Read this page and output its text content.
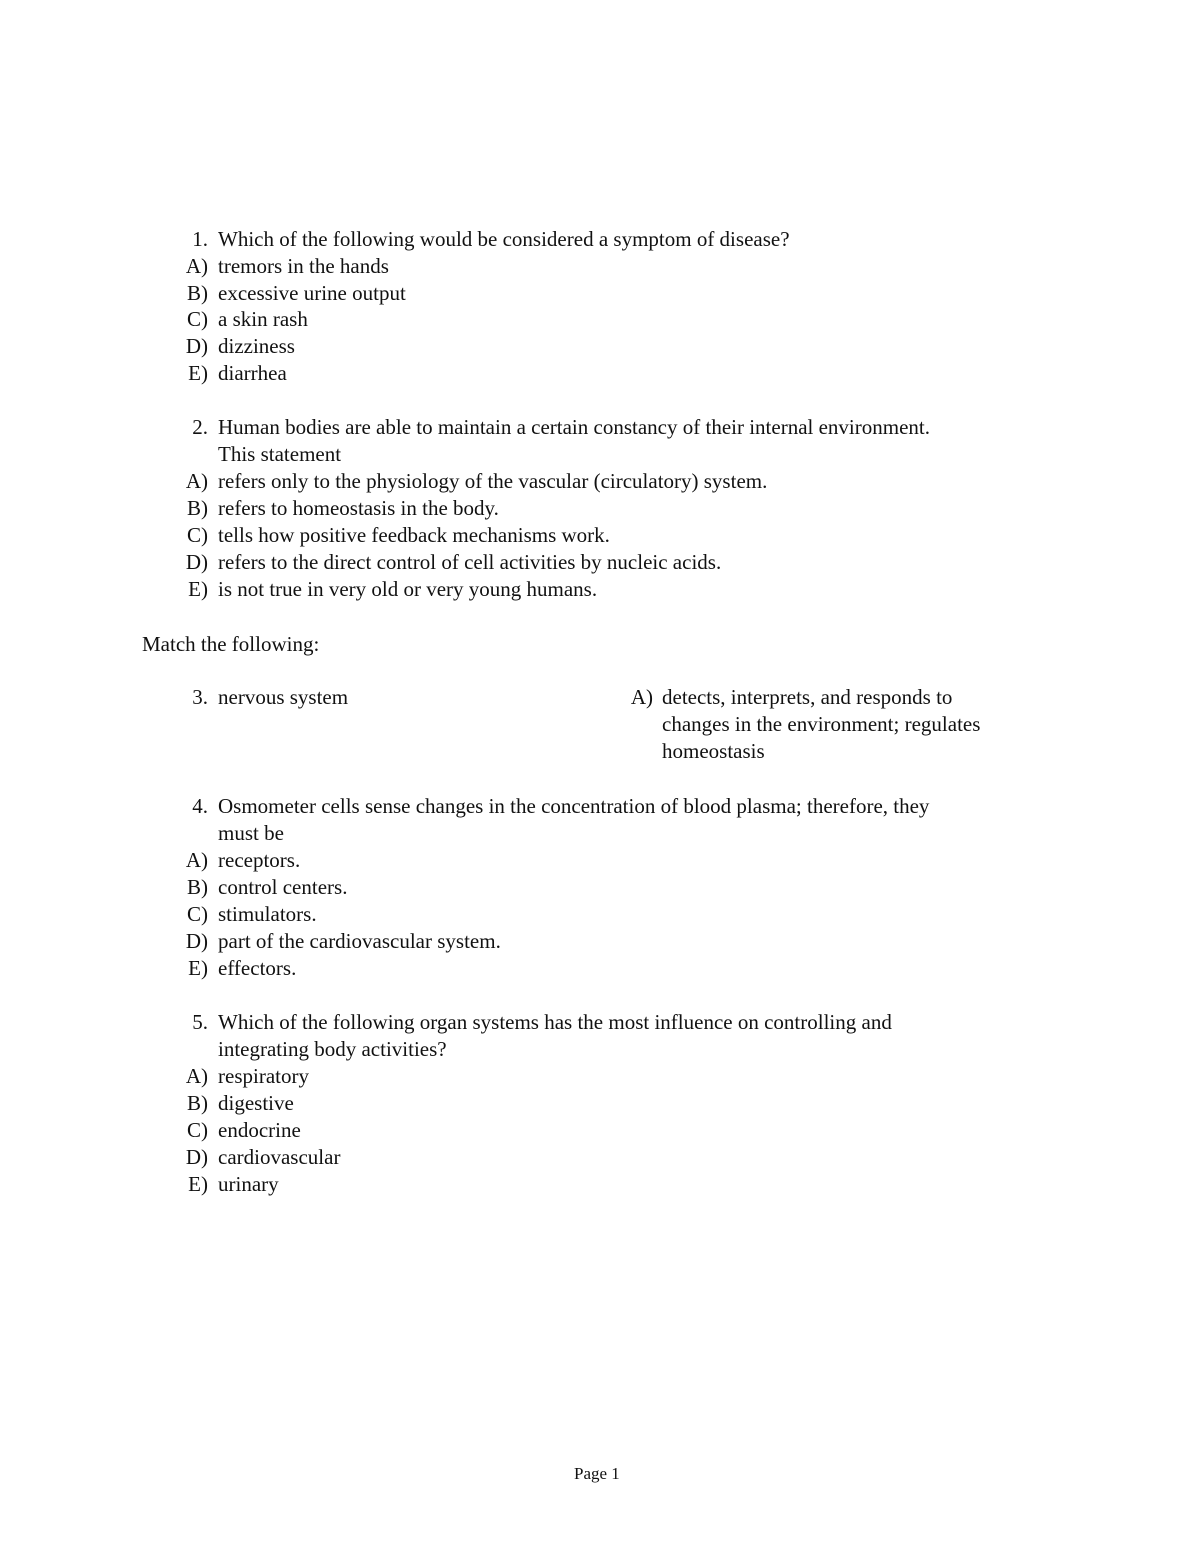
1. Which of the following would be considered a symptom of disease?
A) tremors in the hands
B) excessive urine output
C) a skin rash
D) dizziness
E) diarrhea
2. Human bodies are able to maintain a certain constancy of their internal environment.
This statement
A) refers only to the physiology of the vascular (circulatory) system.
B) refers to homeostasis in the body.
C) tells how positive feedback mechanisms work.
D) refers to the direct control of cell activities by nucleic acids.
E) is not true in very old or very young humans.
Match the following:
3. nervous system	A) detects, interprets, and responds to
changes in the environment; regulates
homeostasis
4. Osmometer cells sense changes in the concentration of blood plasma; therefore, they
must be
A) receptors.
B) control centers.
C) stimulators.
D) part of the cardiovascular system.
E) effectors.
5. Which of the following organ systems has the most influence on controlling and
integrating body activities?
A) respiratory
B) digestive
C) endocrine
D) cardiovascular
E) urinary
Page 1
